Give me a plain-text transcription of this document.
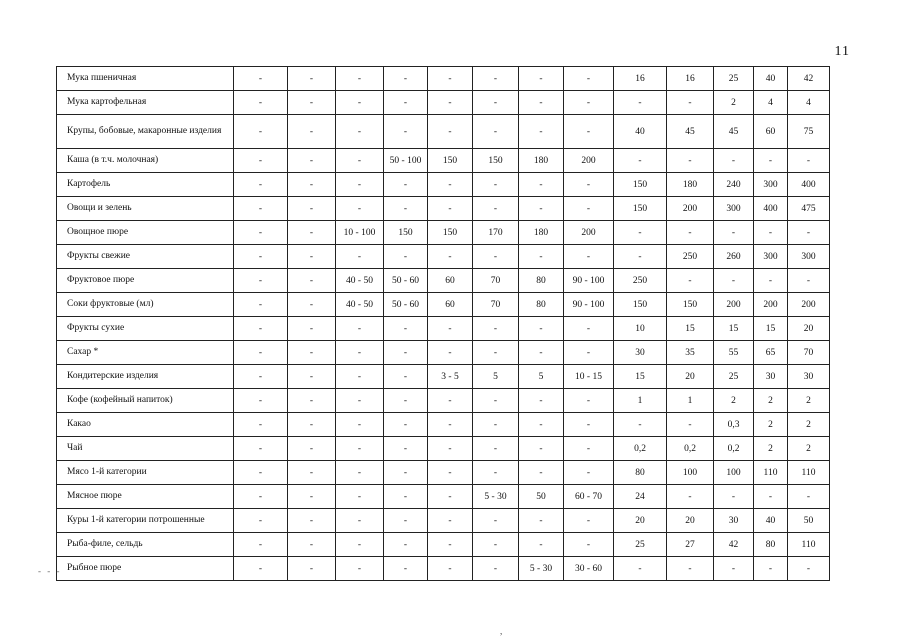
11
Мука пшеничная	-	-	-	-	-	-	-	-	16	16	25	40	42
Мука картофельная	-	-	-	-	-	-	-	-	-	-	2	4	4
Крупы, бобовые, макаронные изделия	-	-	-	-	-	-	-	-	40	45	45	60	75
Каша (в т.ч. молочная)	-	-	-	50 - 100	150	150	180	200	-	-	-	-	-
Картофель	-	-	-	-	-	-	-	-	150	180	240	300	400
Овощи и зелень	-	-	-	-	-	-	-	-	150	200	300	400	475
Овощное пюре	-	-	10 - 100	150	150	170	180	200	-	-	-	-	-
Фрукты свежие	-	-	-	-	-	-	-	-	-	250	260	300	300
Фруктовое пюре	-	-	40 - 50	50 - 60	60	70	80	90 - 100	250	-	-	-	-
Соки фруктовые (мл)	-	-	40 - 50	50 - 60	60	70	80	90 - 100	150	150	200	200	200
Фрукты сухие	-	-	-	-	-	-	-	-	10	15	15	15	20
Сахар *	-	-	-	-	-	-	-	-	30	35	55	65	70
Кондитерские изделия	-	-	-	-	3 - 5	5	5	10 - 15	15	20	25	30	30
Кофе (кофейный напиток)	-	-	-	-	-	-	-	-	1	1	2	2	2
Какао	-	-	-	-	-	-	-	-	-	-	0,3	2	2
Чай	-	-	-	-	-	-	-	-	0,2	0,2	0,2	2	2
Мясо 1-й категории	-	-	-	-	-	-	-	-	80	100	100	110	110
Мясное пюре	-	-	-	-	-	5 - 30	50	60 - 70	24	-	-	-	-
Куры 1-й категории потрошенные	-	-	-	-	-	-	-	-	20	20	30	40	50
Рыба-филе, сельдь	-	-	-	-	-	-	-	-	25	27	42	80	110
Рыбное пюре	-	-	-	-	-	-	5 - 30	30 - 60	-	-	-	-	-
- - -
,
